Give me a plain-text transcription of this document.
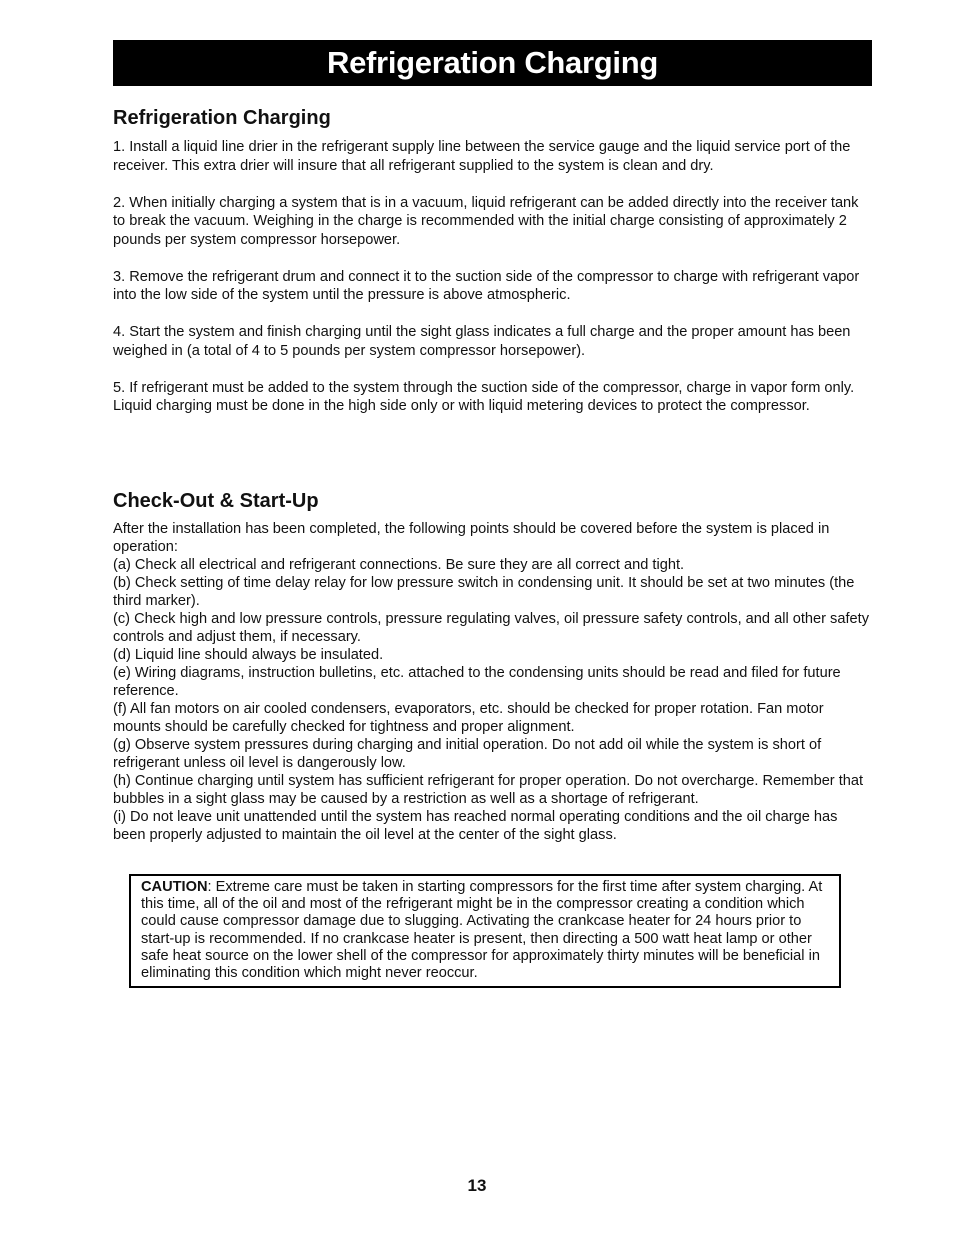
Refrigeration Charging
Refrigeration Charging

1. Install a liquid line drier in the refrigerant supply line between the service gauge and the liquid service port of the receiver. This extra drier will insure that all refrigerant supplied to the system is clean and dry.

2. When initially charging a system that is in a vacuum, liquid refrigerant can be added directly into the receiver tank to break the vacuum. Weighing in the charge is recommended with the initial charge consisting of approximately 2 pounds per system compressor horsepower.

3. Remove the refrigerant drum and connect it to the suction side of the compressor to charge with refrigerant vapor into the low side of the system until the pressure is above atmospheric.

4. Start the system and finish charging until the sight glass indicates a full charge and the proper amount has been weighed in (a total of 4 to 5 pounds per system compressor horsepower).

5. If refrigerant must be added to the system through the suction side of the compressor, charge in vapor form only. Liquid charging must be done in the high side only or with liquid metering devices to protect the compressor.

Check-Out & Start-Up

After the installation has been completed, the following points should be covered before the system is placed in operation:

(a) Check all electrical and refrigerant connections. Be sure they are all correct and tight.

(b) Check setting of time delay relay for low pressure switch in condensing unit. It should be set at two minutes (the third marker).

(c) Check high and low pressure controls, pressure regulating valves, oil pressure safety controls, and all other safety controls and adjust them, if necessary.

(d) Liquid line should always be insulated.

(e) Wiring diagrams, instruction bulletins, etc. attached to the condensing units should be read and filed for future reference.

(f) All fan motors on air cooled condensers, evaporators, etc. should be checked for proper rotation. Fan motor mounts should be carefully checked for tightness and proper alignment.

(g) Observe system pressures during charging and initial operation. Do not add oil while the system is short of refrigerant unless oil level is dangerously low.

(h) Continue charging until system has sufficient refrigerant for proper operation. Do not overcharge. Remember that bubbles in a sight glass may be caused by a restriction as well as a shortage of refrigerant.

(i) Do not leave unit unattended until the system has reached normal operating conditions and the oil charge has been properly adjusted to maintain the oil level at the center of the sight glass.

CAUTION: Extreme care must be taken in starting compressors for the first time after system charging. At this time, all of the oil and most of the refrigerant might be in the compressor creating a condition which could cause compressor damage due to slugging. Activating the crankcase heater for 24 hours prior to start-up is recommended. If no crankcase heater is present, then directing a 500 watt heat lamp or other safe heat source on the lower shell of the compressor for approximately thirty minutes will be beneficial in eliminating this condition which might never reoccur.
13
